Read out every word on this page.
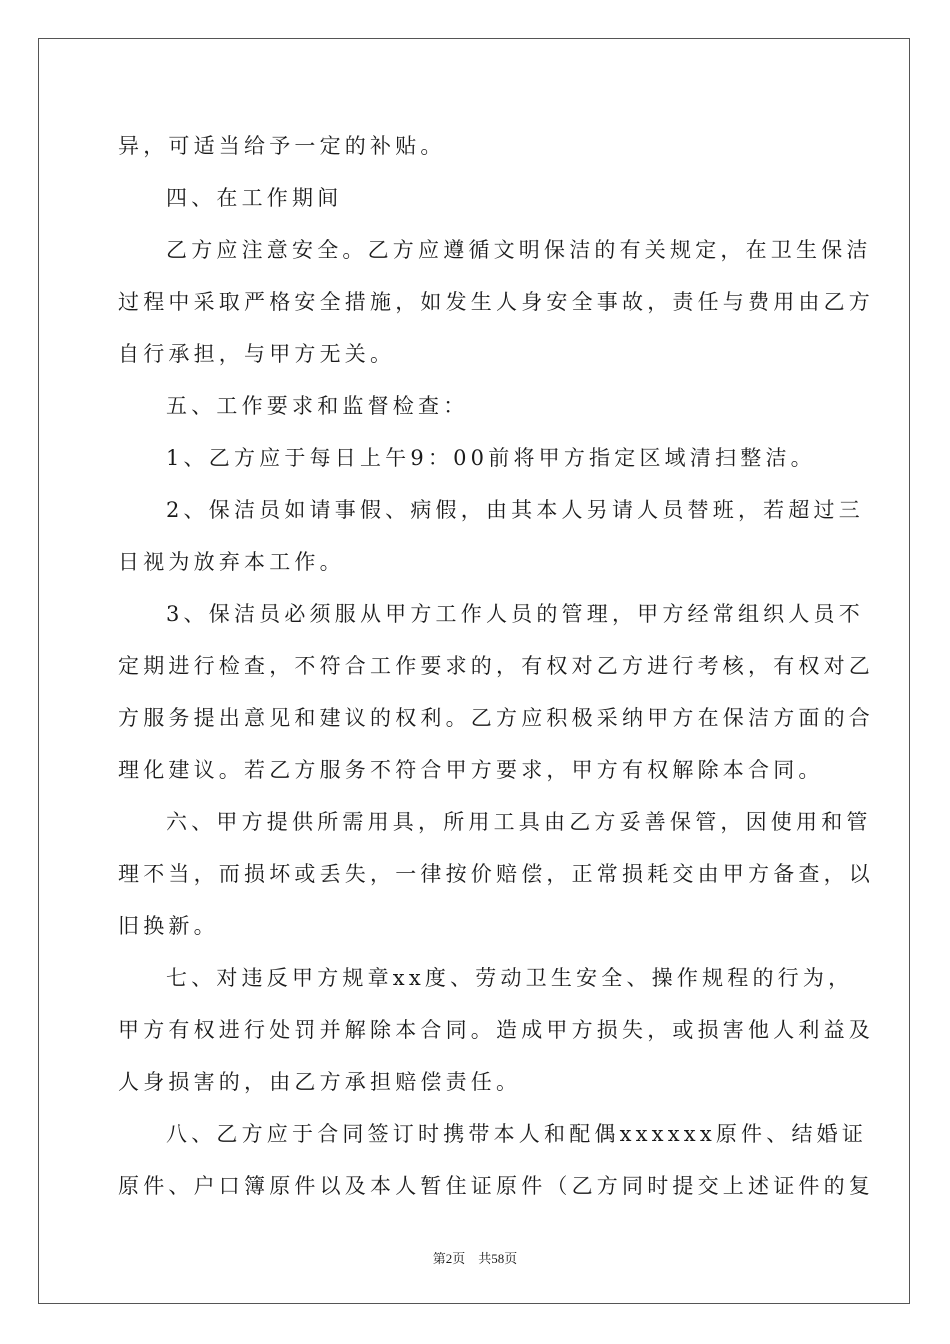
异，可适当给予一定的补贴。
四、在工作期间
乙方应注意安全。乙方应遵循文明保洁的有关规定，在卫生保洁
过程中采取严格安全措施，如发生人身安全事故，责任与费用由乙方
自行承担，与甲方无关。
五、工作要求和监督检查：
1、乙方应于每日上午9：00前将甲方指定区域清扫整洁。
2、保洁员如请事假、病假，由其本人另请人员替班，若超过三
日视为放弃本工作。
3、保洁员必须服从甲方工作人员的管理，甲方经常组织人员不
定期进行检查，不符合工作要求的，有权对乙方进行考核，有权对乙
方服务提出意见和建议的权利。乙方应积极采纳甲方在保洁方面的合
理化建议。若乙方服务不符合甲方要求，甲方有权解除本合同。
六、甲方提供所需用具，所用工具由乙方妥善保管，因使用和管
理不当，而损坏或丢失，一律按价赔偿，正常损耗交由甲方备查，以
旧换新。
七、对违反甲方规章xx度、劳动卫生安全、操作规程的行为，
甲方有权进行处罚并解除本合同。造成甲方损失，或损害他人利益及
人身损害的，由乙方承担赔偿责任。
八、乙方应于合同签订时携带本人和配偶xxxxxx原件、结婚证
原件、户口簿原件以及本人暂住证原件（乙方同时提交上述证件的复
第2页 共58页
